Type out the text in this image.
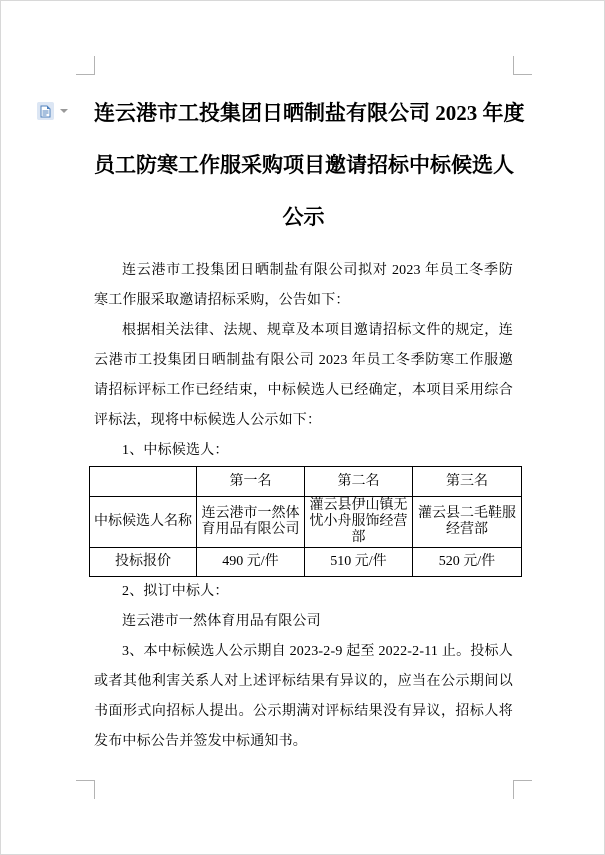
连云港市工投集团日晒制盐有限公司 2023 年度
员工防寒工作服采购项目邀请招标中标候选人
公示

连云港市工投集团日晒制盐有限公司拟对 2023 年员工冬季防寒工作服采取邀请招标采购，公告如下：

根据相关法律、法规、规章及本项目邀请招标文件的规定，连云港市工投集团日晒制盐有限公司 2023 年员工冬季防寒工作服邀请招标评标工作已经结束，中标候选人已经确定，本项目采用综合评标法，现将中标候选人公示如下：

1、中标候选人：

	第一名	第二名	第三名
中标候选人名称	连云港市一然体育用品有限公司	灌云县伊山镇无忧小舟服饰经营部	灌云县二毛鞋服经营部
投标报价	490 元/件	510 元/件	520 元/件

2、拟订中标人：

连云港市一然体育用品有限公司

3、本中标候选人公示期自 2023-2-9 起至 2022-2-11 止。投标人或者其他利害关系人对上述评标结果有异议的，应当在公示期间以书面形式向招标人提出。公示期满对评标结果没有异议，招标人将发布中标公告并签发中标通知书。
